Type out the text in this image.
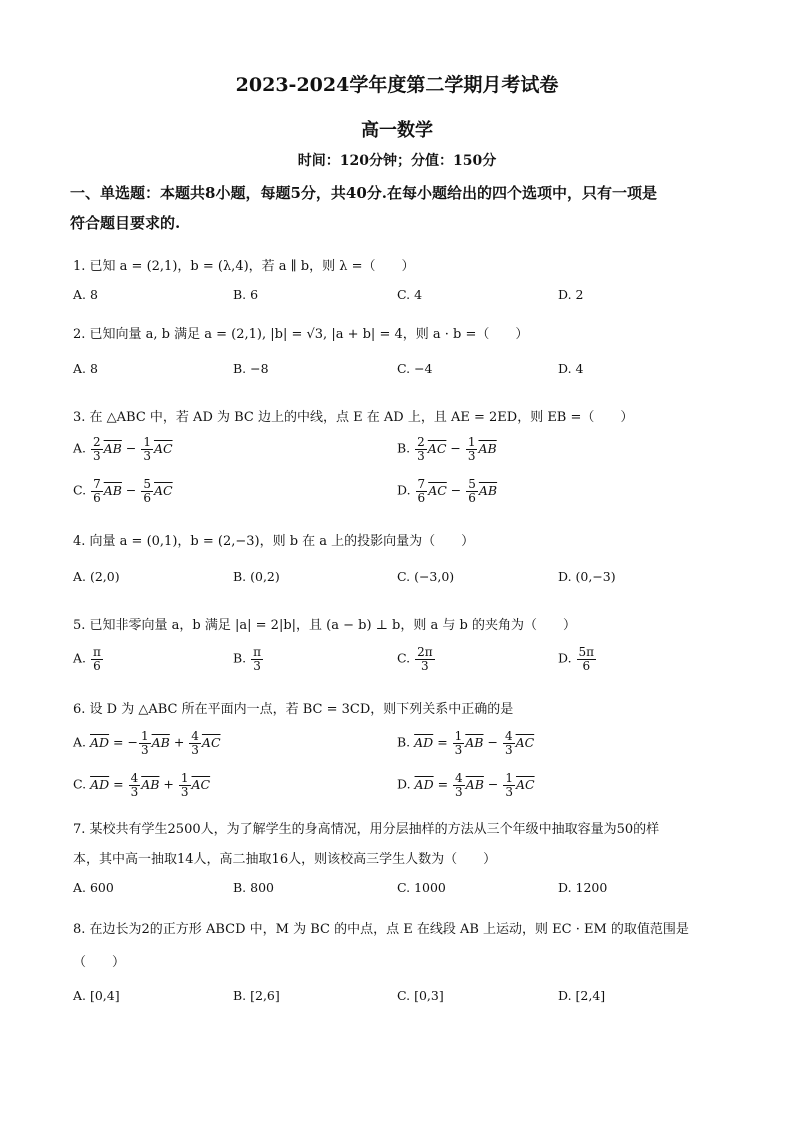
2023-2024学年度第二学期月考试卷
高一数学
时间：120分钟；分值：150分
一、单选题：本题共8小题，每题5分，共40分.在每小题给出的四个选项中，只有一项是
符合题目要求的.
1. 已知 a = (2,1)，b = (λ,4)，若 a ∥ b，则 λ =（　　）
A. 8	B. 6	C. 4	D. 2
2. 已知向量 a, b 满足 a = (2,1), |b| = √3, |a + b| = 4，则 a · b =（　　）
A. 8	B. −8	C. −4	D. 4
3. 在 △ABC 中，若 AD 为 BC 边上的中线，点 E 在 AD 上，且 AE = 2ED，则 EB =（　　）
A. $\frac{2}{3} \overline{AB} - \frac{1}{3} \overline{AC}$	B. $\frac{2}{3} \overline{AC} - \frac{1}{3} \overline{AB}$
C. $\frac{7}{6} \overline{AB} - \frac{5}{6} \overline{AC}$	D. $\frac{7}{6} \overline{AC} - \frac{5}{6} \overline{AB}$
4. 向量 a = (0,1)，b = (2,−3)，则 b 在 a 上的投影向量为（　　）
A. (2,0)	B. (0,2)	C. (−3,0)	D. (0,−3)
5. 已知非零向量 a，b 满足 |a| = 2|b|，且 (a − b) ⊥ b，则 a 与 b 的夹角为（　　）
A. $\frac{\pi}{6}$	B. $\frac{\pi}{3}$	C. $\frac{2\pi}{3}$	D. $\frac{5\pi}{6}$
6. 设 D 为 △ABC 所在平面内一点，若 BC = 3CD，则下列关系中正确的是
A. $\overline{AD}$ = − $\frac{1}{3} \overline{AB} + \frac{4}{3} \overline{AC}$	B. $\overline{AD} = \frac{1}{3} \overline{AB} - \frac{4}{3} \overline{AC}$
C. $\overline{AD} = \frac{4}{3} \overline{AB} + \frac{1}{3} \overline{AC}$	D. $\overline{AD} = \frac{4}{3} \overline{AB} - \frac{1}{3} \overline{AC}$
7. 某校共有学生2500人，为了解学生的身高情况，用分层抽样的方法从三个年级中抽取容量为50的样
本，其中高一抽取14人，高二抽取16人，则该校高三学生人数为（　　）
A. 600	B. 800	C. 1000	D. 1200
8. 在边长为2的正方形 ABCD 中，M 为 BC 的中点，点 E 在线段 AB 上运动，则 EC · EM 的取值范围是
（　　）
A. [0,4]	B. [2,6]	C. [0,3]	D. [2,4]
